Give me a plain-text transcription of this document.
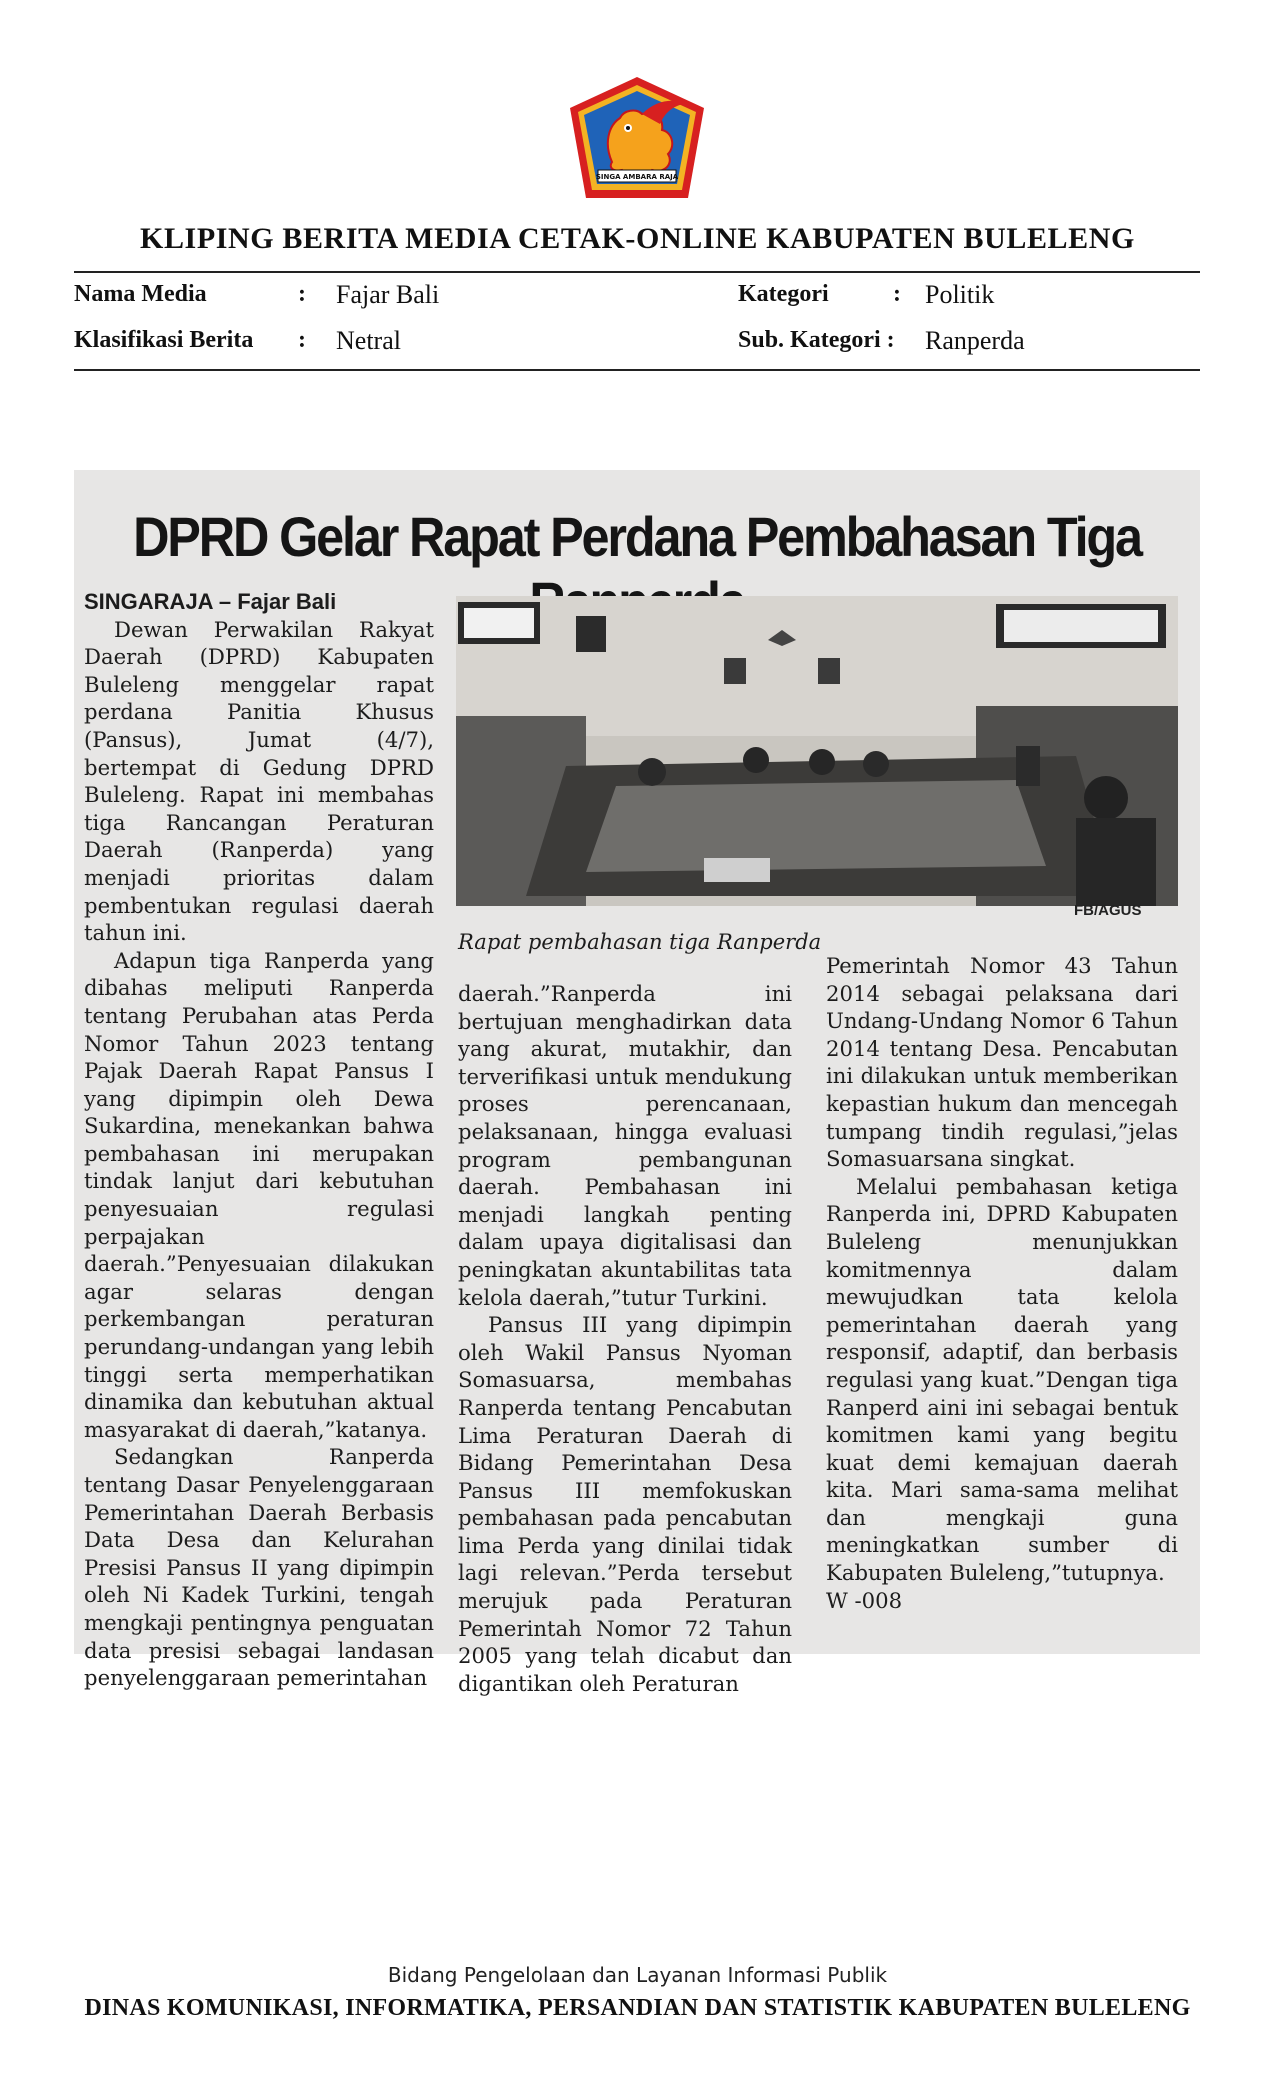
SINGA AMBARA RAJA
KLIPING BERITA MEDIA CETAK-ONLINE KABUPATEN BULELENG
Nama Media	: Fajar Bali	Kategori	: Politik
Klasifikasi Berita : Netral	Sub. Kategori : Ranperda
DPRD Gelar Rapat Perdana Pembahasan Tiga
SINGARAJA – Fajar Bali

Dewan Perwakilan Rakyat Daerah (DPRD) Kabupaten Buleleng menggelar rapat perdana Panitia Khusus (Pansus), Jumat (4/7), bertempat di Gedung DPRD Buleleng. Rapat ini membahas tiga Rancangan Peraturan Daerah (Ranperda) yang menjadi prioritas dalam pembentukan regulasi daerah tahun ini.

Adapun tiga Ranperda yang dibahas meliputi Ranperda tentang Perubahan atas Perda Nomor Tahun 2023 tentang Pajak Daerah Rapat Pansus I yang dipimpin oleh Dewa Sukardina, menekankan bahwa pembahasan ini merupakan tindak lanjut dari kebutuhan penyesuaian regulasi perpajakan daerah.”Penyesuaian dilakukan agar selaras dengan perkembangan peraturan perundang-undangan yang lebih tinggi serta memperhatikan dinamika dan kebutuhan aktual masyarakat di daerah,”katanya.

Sedangkan Ranperda tentang Dasar Penyelenggaraan Pemerintahan Daerah Berbasis Data Desa dan Kelurahan Presisi Pansus II yang dipimpin oleh Ni Kadek Turkini, tengah mengkaji pentingnya penguatan data presisi sebagai landasan penyelenggaraan pemerintahan

FB/AGUS
Rapat pembahasan tiga Ranperda

daerah.”Ranperda ini bertujuan menghadirkan data yang akurat, mutakhir, dan terverifikasi untuk mendukung proses perencanaan, pelaksanaan, hingga evaluasi program pembangunan daerah. Pembahasan ini menjadi langkah penting dalam upaya digitalisasi dan peningkatan akuntabilitas tata kelola daerah,”tutur Turkini.

Pansus III yang dipimpin oleh Wakil Pansus Nyoman Somasuarsa, membahas Ranperda tentang Pencabutan Lima Peraturan Daerah di Bidang Pemerintahan Desa Pansus III memfokuskan pembahasan pada pencabutan lima Perda yang dinilai tidak lagi relevan.”Perda tersebut merujuk pada Peraturan Pemerintah Nomor 72 Tahun 2005 yang telah dicabut dan digantikan oleh Peraturan

Pemerintah Nomor 43 Tahun 2014 sebagai pelaksana dari Undang-Undang Nomor 6 Tahun 2014 tentang Desa. Pencabutan ini dilakukan untuk memberikan kepastian hukum dan mencegah tumpang tindih regulasi,”jelas Somasuarsana singkat.

Melalui pembahasan ketiga Ranperda ini, DPRD Kabupaten Buleleng menunjukkan komitmennya dalam mewujudkan tata kelola pemerintahan daerah yang responsif, adaptif, dan berbasis regulasi yang kuat.”Dengan tiga Ranperd aini ini sebagai bentuk komitmen kami yang begitu kuat demi kemajuan daerah kita. Mari sama-sama melihat dan mengkaji guna meningkatkan sumber di Kabupaten Buleleng,”tutupnya.

W -008
Bidang Pengelolaan dan Layanan Informasi Publik
DINAS KOMUNIKASI, INFORMATIKA, PERSANDIAN DAN STATISTIK KABUPATEN BULELENG
